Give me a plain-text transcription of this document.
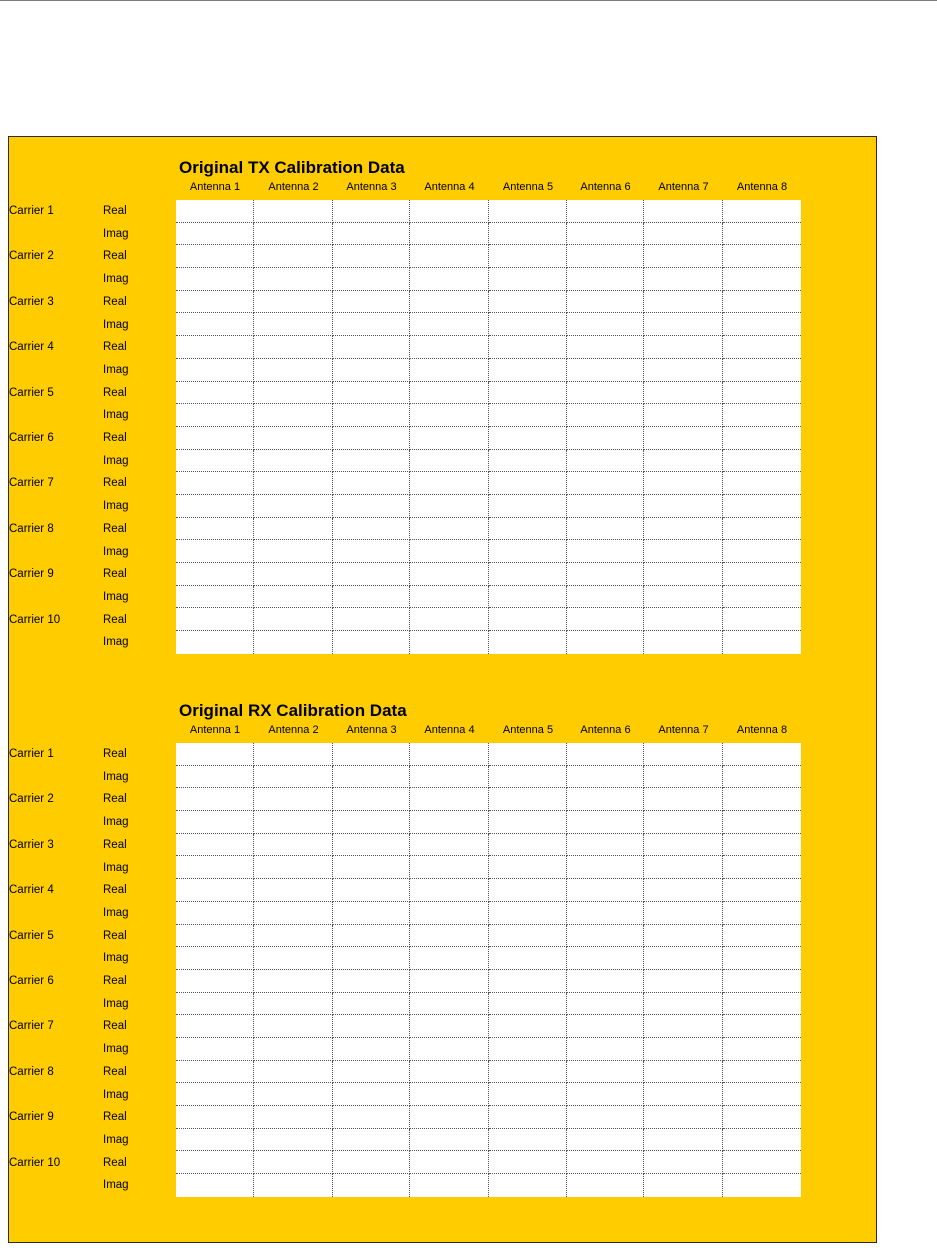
Original TX Calibration Data
Antenna 1	Antenna 2	Antenna 3	Antenna 4	Antenna 5	Antenna 6	Antenna 7	Antenna 8
Carrier 1	Real
Imag
Carrier 2	Real
Imag
Carrier 3	Real
Imag
Carrier 4	Real
Imag
Carrier 5	Real
Imag
Carrier 6	Real
Imag
Carrier 7	Real
Imag
Carrier 8	Real
Imag
Carrier 9	Real
Imag
Carrier 10	Real
Imag
Original RX Calibration Data
Antenna 1	Antenna 2	Antenna 3	Antenna 4	Antenna 5	Antenna 6	Antenna 7	Antenna 8
Carrier 1	Real
Imag
Carrier 2	Real
Imag
Carrier 3	Real
Imag
Carrier 4	Real
Imag
Carrier 5	Real
Imag
Carrier 6	Real
Imag
Carrier 7	Real
Imag
Carrier 8	Real
Imag
Carrier 9	Real
Imag
Carrier 10	Real
Imag
